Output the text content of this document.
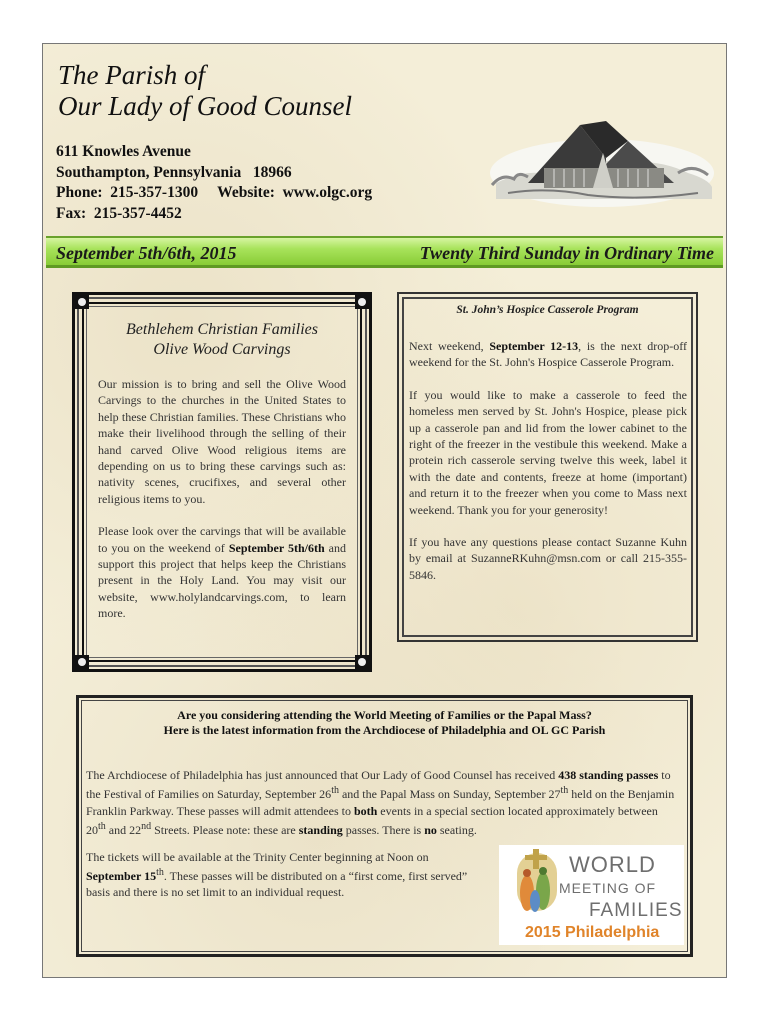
The Parish of
Our Lady of Good Counsel
611 Knowles Avenue
Southampton, Pennsylvania   18966
Phone:  215-357-1300     Website:  www.olgc.org
Fax:  215-357-4452
September 5th/6th, 2015	Twenty Third Sunday in Ordinary Time
Bethlehem Christian Families
Olive Wood Carvings

Our mission is to bring and sell the Olive Wood Carvings to the churches in the United States to help these Christian families. These Christians who make their livelihood through the selling of their hand carved Olive Wood religious items are depending on us to bring these carvings such as: nativity scenes, crucifixes, and several other religious items to you.

Please look over the carvings that will be available to you on the weekend of September 5th/6th and support this project that helps keep the Christians present in the Holy Land. You may visit our website, www.holylandcarvings.com, to learn more.

St. John’s Hospice Casserole Program

Next weekend, September 12-13, is the next drop-off weekend for the St. John's Hospice Casserole Program.

If you would like to make a casserole to feed the homeless men served by St. John's Hospice, please pick up a casserole pan and lid from the lower cabinet to the right of the freezer in the vestibule this weekend. Make a protein rich casserole serving twelve this week, label it with the date and contents, freeze at home (important) and return it to the freezer when you come to Mass next weekend. Thank you for your generosity!

If you have any questions please contact Suzanne Kuhn by email at SuzanneRKuhn@msn.com or call 215-355-5846.

Are you considering attending the World Meeting of Families or the Papal Mass?
Here is the latest information from the Archdiocese of Philadelphia and OL GC Parish

The Archdiocese of Philadelphia has just announced that Our Lady of Good Counsel has received 438 standing passes to the Festival of Families on Saturday, September 26th and the Papal Mass on Sunday, September 27th held on the Benjamin Franklin Parkway. These passes will admit attendees to both events in a special section located approximately between 20th and 22nd Streets. Please note: these are standing passes. There is no seating.

The tickets will be available at the Trinity Center beginning at Noon on September 15th. These passes will be distributed on a “first come, first served” basis and there is no set limit to an individual request.

WORLD
MEETING OF
FAMILIES
2015 Philadelphia
